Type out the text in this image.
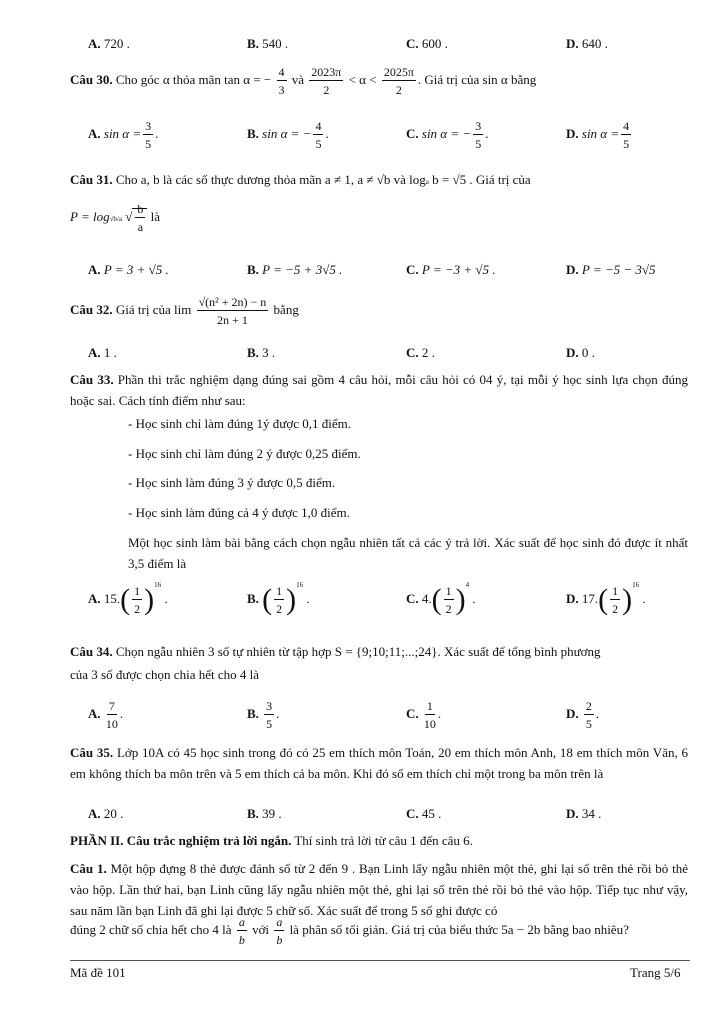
A. 720 .	B. 540 .	C. 600 .	D. 640 .
Câu 30. Cho góc α thỏa mãn tan α = − $\frac{4}{3}$ và $\frac{2023\pi}{2} < \alpha < \frac{2025\pi}{2}$ . Giá trị của sin α bằng
A. $\sin \alpha = \frac{3}{5}$ .	B. sin α = − $\frac{4}{5}$ .	C. sin α = − $\frac{3}{5}$ .	D. $\sin \alpha = \frac{4}{5}$
Câu 31. Cho a, b là các số thực dương thỏa mãn a ≠ 1, a ≠ √b và loga b = √5 . Giá trị của
P = log√b/a √ $\frac{b}{a}$ là
A. P = 3 + √5 .	B. P = −5 + 3√5 .	C. P = −3 + √5 .	D. P = −5 − 3√5
Câu 32. Giá trị của $\lim \frac{\text{√(n² + 2n) − n}}{2n + 1}$ bằng
A. 1 .	B. 3 .	C. 2 .	D. 0 .
Câu 33. Phần thi trắc nghiệm dạng đúng sai gồm 4 câu hỏi, mỗi câu hỏi có 04 ý, tại mỗi ý học sinh lựa chọn đúng hoặc sai. Cách tính điểm như sau:
- Học sinh chỉ làm đúng 1ý được 0,1 điểm.
- Học sinh chỉ làm đúng 2 ý được 0,25 điểm.
- Học sinh làm đúng 3 ý được 0,5 điểm.
- Học sinh làm đúng cả 4 ý được 1,0 điểm.
Một học sinh làm bài bằng cách chọn ngẫu nhiên tất cả các ý trả lời. Xác suất để học sinh đó được ít nhất 3,5 điểm là
A. $15.( \frac{1}{2} )^{16}$ .	B. ( $\frac{1}{2} )^{16}$ .	C. $4.( \frac{1}{2} )^4$ .	D. $17.( \frac{1}{2} )^{16}$ .
Câu 34. Chọn ngẫu nhiên 3 số tự nhiên từ tập hợp S = {9;10;11;...;24}. Xác suất để tổng bình phương
của 3 số được chọn chia hết cho 4 là
A. $\frac{7}{10}$ .	B. $\frac{3}{5}$ .	C. $\frac{1}{10}$ .	D. $\frac{2}{5}$ .
Câu 35. Lớp 10A có 45 học sinh trong đó có 25 em thích môn Toán, 20 em thích môn Anh, 18 em thích môn Văn, 6 em không thích ba môn trên và 5 em thích cả ba môn. Khi đó số em thích chỉ một trong ba môn trên là
A. 20 .	B. 39 .	C. 45 .	D. 34 .
PHẦN II. Câu trắc nghiệm trả lời ngắn. Thí sinh trả lời từ câu 1 đến câu 6.
Câu 1. Một hộp đựng 8 thẻ được đánh số từ 2 đến 9 . Bạn Linh lấy ngẫu nhiên một thẻ, ghi lại số trên thẻ rồi bỏ thẻ vào hộp. Lần thứ hai, bạn Linh cũng lấy ngẫu nhiên một thẻ, ghi lại số trên thẻ rồi bỏ thẻ vào hộp. Tiếp tục như vậy, sau năm lần bạn Linh đã ghi lại được 5 chữ số. Xác suất để trong 5 số ghi được có
đúng 2 chữ số chia hết cho 4 là $\frac{a}{b}$ với $\frac{a}{b}$ là phân số tối giản. Giá trị của biểu thức 5a − 2b bằng bao nhiêu?
Mã đề 101	Trang 5/6
